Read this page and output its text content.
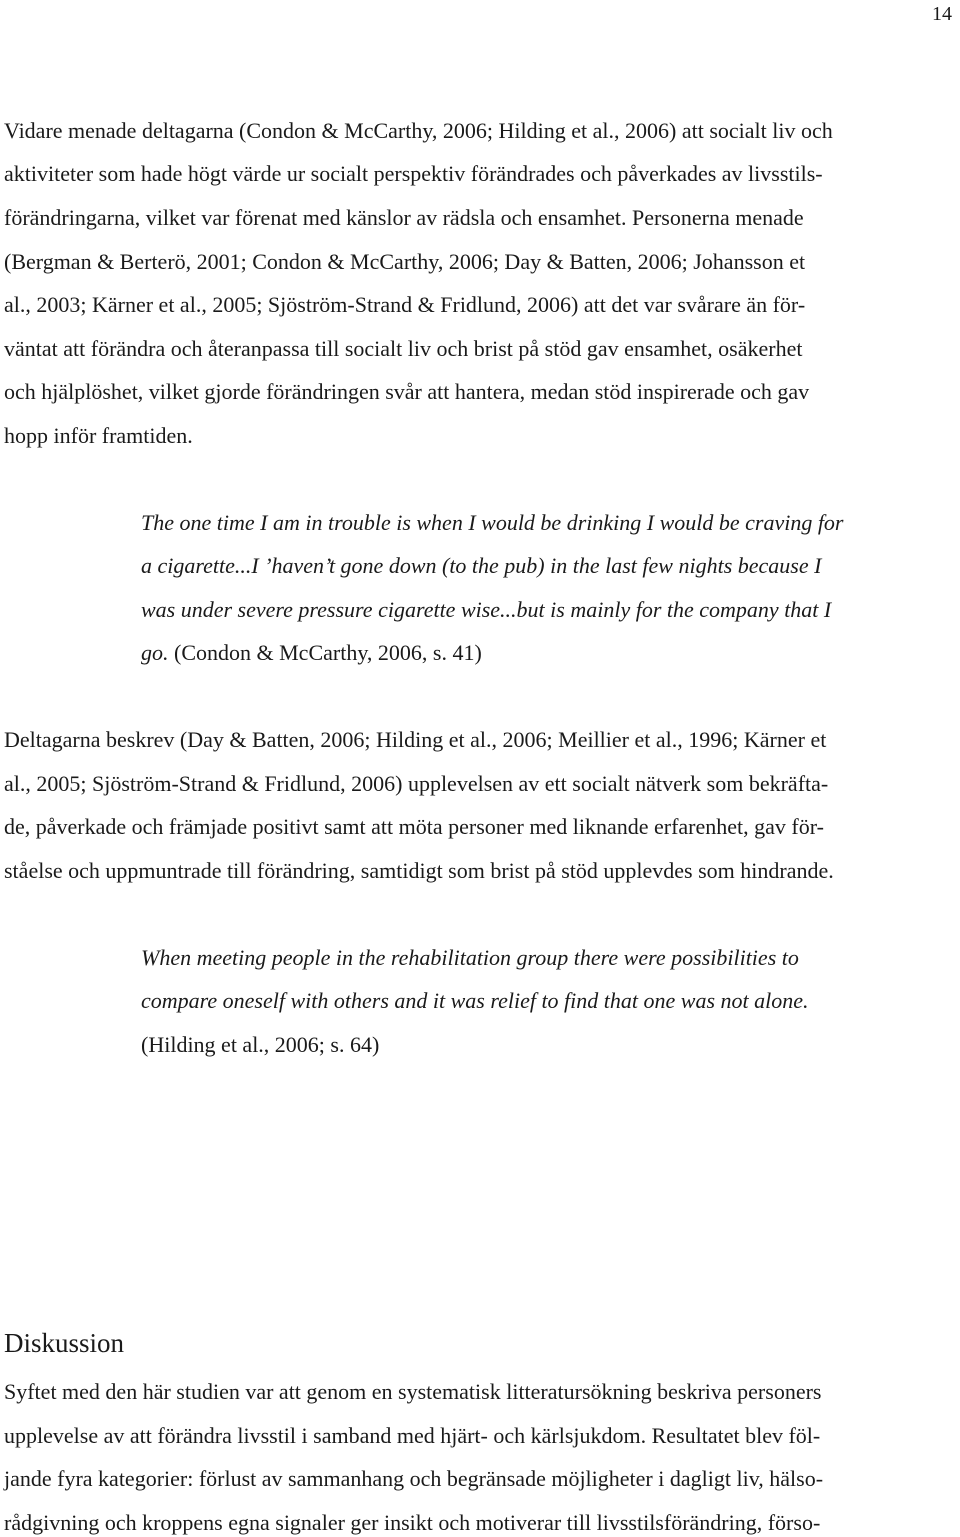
14
Vidare menade deltagarna (Condon & McCarthy, 2006; Hilding et al., 2006) att socialt liv och
aktiviteter som hade högt värde ur socialt perspektiv förändrades och påverkades av livsstils-
förändringarna, vilket var förenat med känslor av rädsla och ensamhet. Personerna menade
(Bergman & Berterö, 2001; Condon & McCarthy, 2006; Day & Batten, 2006; Johansson et
al., 2003; Kärner et al., 2005; Sjöström-Strand & Fridlund, 2006) att det var svårare än för-
väntat att förändra och återanpassa till socialt liv och brist på stöd gav ensamhet, osäkerhet
och hjälplöshet, vilket gjorde förändringen svår att hantera, medan stöd inspirerade och gav
hopp inför framtiden.
The one time I am in trouble is when I would be drinking I would be craving for
a cigarette...I ’haven’t gone down (to the pub) in the last few nights because I
was under severe pressure cigarette wise...but is mainly for the company that I
go. (Condon & McCarthy, 2006, s. 41)
Deltagarna beskrev (Day & Batten, 2006; Hilding et al., 2006; Meillier et al., 1996; Kärner et
al., 2005; Sjöström-Strand & Fridlund, 2006) upplevelsen av ett socialt nätverk som bekräfta-
de, påverkade och främjade positivt samt att möta personer med liknande erfarenhet, gav för-
ståelse och uppmuntrade till förändring, samtidigt som brist på stöd upplevdes som hindrande.
When meeting people in the rehabilitation group there were possibilities to
compare oneself with others and it was relief to find that one was not alone.
(Hilding et al., 2006; s. 64)
Diskussion
Syftet med den här studien var att genom en systematisk litteratursökning beskriva personers
upplevelse av att förändra livsstil i samband med hjärt- och kärlsjukdom. Resultatet blev föl-
jande fyra kategorier: förlust av sammanhang och begränsade möjligheter i dagligt liv, hälso-
rådgivning och kroppens egna signaler ger insikt och motiverar till livsstilsförändring, förso-
